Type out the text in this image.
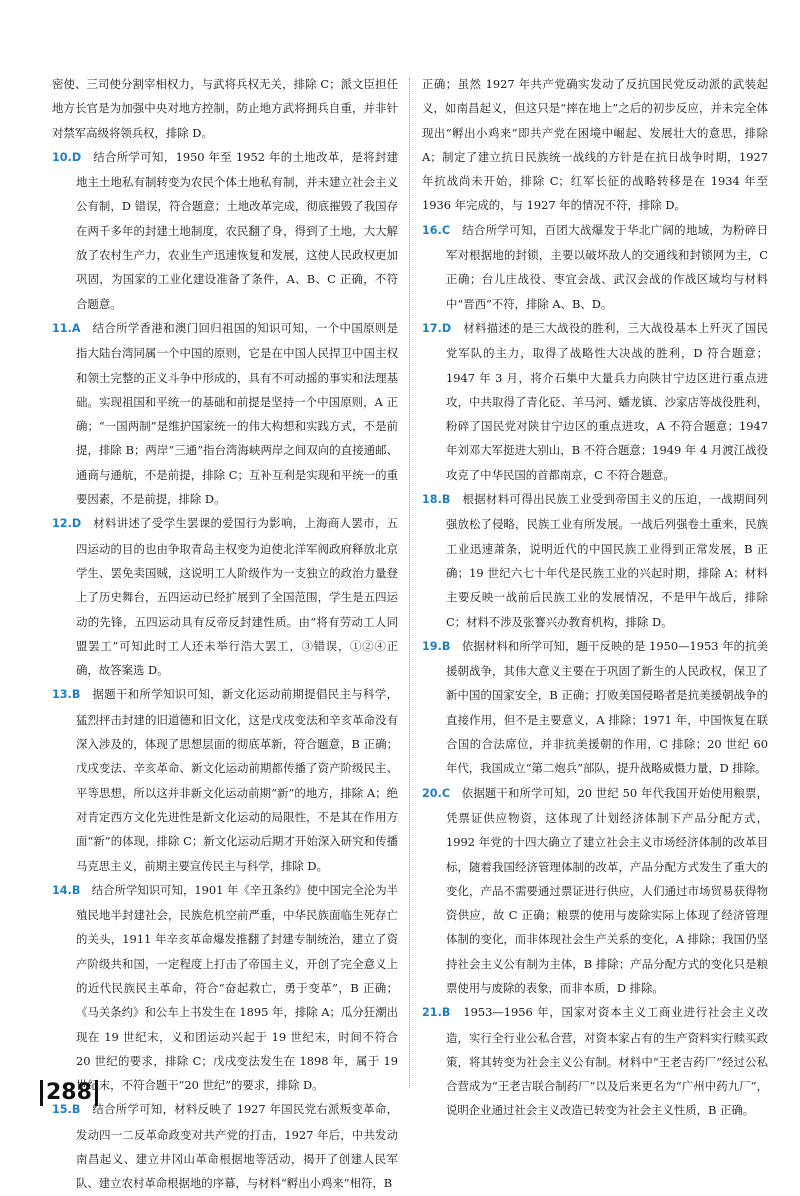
密使、三司使分割宰相权力，与武将兵权无关，排除 C；派文臣担任地方长官是为加强中央对地方控制，防止地方武将拥兵自重，并非针对禁军高级将领兵权，排除 D。

10.D　 结合所学可知，1950 年至 1952 年的土地改革，是将封建地主土地私有制转变为农民个体土地私有制，并未建立社会主义公有制，D 错误，符合题意；土地改革完成，彻底摧毁了我国存在两千多年的封建土地制度，农民翻了身，得到了土地，大大解放了农村生产力，农业生产迅速恢复和发展，这使人民政权更加巩固，为国家的工业化建设准备了条件，A、B、C 正确，不符合题意。

11.A　 结合所学香港和澳门回归祖国的知识可知，一个中国原则是指大陆台湾同属一个中国的原则，它是在中国人民捍卫中国主权和领土完整的正义斗争中形成的，具有不可动摇的事实和法理基础。实现祖国和平统一的基础和前提是坚持一个中国原则，A 正确；“一国两制”是维护国家统一的伟大构想和实践方式，不是前提，排除 B；两岸“三通”指台湾海峡两岸之间双向的直接通邮、通商与通航，不是前提，排除 C；互补互利是实现和平统一的重要因素，不是前提，排除 D。

12.D　 材料讲述了受学生罢课的爱国行为影响，上海商人罢市，五四运动的目的也由争取青岛主权变为迫使北洋军阀政府释放北京学生、罢免卖国贼，这说明工人阶级作为一支独立的政治力量登上了历史舞台，五四运动已经扩展到了全国范围，学生是五四运动的先锋，五四运动具有反帝反封建性质。由“将有劳动工人同盟罢工”可知此时工人还未举行浩大罢工，③错误，①②④正确，故答案选 D。

13.B　 据题干和所学知识可知，新文化运动前期提倡民主与科学，猛烈抨击封建的旧道德和旧文化，这是戊戌变法和辛亥革命没有深入涉及的，体现了思想层面的彻底革新，符合题意，B 正确；戊戌变法、辛亥革命、新文化运动前期都传播了资产阶级民主、平等思想，所以这并非新文化运动前期“新”的地方，排除 A；绝对肯定西方文化先进性是新文化运动的局限性，不是其在作用方面“新”的体现，排除 C；新文化运动后期才开始深入研究和传播马克思主义，前期主要宣传民主与科学，排除 D。

14.B　 结合所学知识可知，1901 年《辛丑条约》使中国完全沦为半殖民地半封建社会，民族危机空前严重，中华民族面临生死存亡的关头，1911 年辛亥革命爆发推翻了封建专制统治，建立了资产阶级共和国，一定程度上打击了帝国主义，开创了完全意义上的近代民族民主革命，符合“奋起救亡，勇于变革”，B 正确；《马关条约》和公车上书发生在 1895 年，排除 A；瓜分狂潮出现在 19 世纪末，义和团运动兴起于 19 世纪末，时间不符合 20 世纪的要求，排除 C；戊戌变法发生在 1898 年，属于 19 世纪末，不符合题干“20 世纪”的要求，排除 D。

15.B　 结合所学可知，材料反映了 1927 年国民党右派叛变革命，发动四一二反革命政变对共产党的打击，1927 年后，中共发动南昌起义、建立井冈山革命根据地等活动，揭开了创建人民军队、建立农村革命根据地的序幕，与材料“孵出小鸡来”相符，B

正确；虽然 1927 年共产党确实发动了反抗国民党反动派的武装起义，如南昌起义，但这只是“摔在地上”之后的初步反应，并未完全体现出“孵出小鸡来”即共产党在困境中崛起、发展壮大的意思，排除 A；制定了建立抗日民族统一战线的方针是在抗日战争时期，1927 年抗战尚未开始，排除 C；红军长征的战略转移是在 1934 年至 1936 年完成的，与 1927 年的情况不符，排除 D。

16.C　 结合所学可知，百团大战爆发于华北广阔的地域，为粉碎日军对根据地的封锁，主要以破坏敌人的交通线和封锁网为主，C 正确；台儿庄战役、枣宜会战、武汉会战的作战区域均与材料中“晋西”不符，排除 A、B、D。

17.D　 材料描述的是三大战役的胜利，三大战役基本上歼灭了国民党军队的主力，取得了战略性大决战的胜利，D 符合题意；1947 年 3 月，将介石集中大量兵力向陕甘宁边区进行重点进攻，中共取得了青化砭、羊马河、蟠龙镇、沙家店等战役胜利，粉碎了国民党对陕甘宁边区的重点进攻，A 不符合题意；1947 年刘邓大军挺进大别山，B 不符合题意；1949 年 4 月渡江战役攻克了中华民国的首都南京，C 不符合题意。

18.B　 根据材料可得出民族工业受到帝国主义的压迫，一战期间列强放松了侵略，民族工业有所发展。一战后列强卷土重来，民族工业迅速萧条，说明近代的中国民族工业得到正常发展，B 正确；19 世纪六七十年代是民族工业的兴起时期，排除 A；材料主要反映一战前后民族工业的发展情况，不是甲午战后，排除 C；材料不涉及张謇兴办教育机构，排除 D。

19.B　 依据材料和所学可知，题干反映的是 1950—1953 年的抗美援朝战争，其伟大意义主要在于巩固了新生的人民政权，保卫了新中国的国家安全，B 正确；打败美国侵略者是抗美援朝战争的直接作用，但不是主要意义，A 排除；1971 年，中国恢复在联合国的合法席位，并非抗美援朝的作用，C 排除；20 世纪 60 年代，我国成立“第二炮兵”部队，提升战略威慑力量，D 排除。

20.C　 依据题干和所学可知，20 世纪 50 年代我国开始使用粮票，凭票证供应物资，这体现了计划经济体制下产品分配方式，1992 年党的十四大确立了建立社会主义市场经济体制的改革目标，随着我国经济管理体制的改革，产品分配方式发生了重大的变化，产品不需要通过票证进行供应，人们通过市场贸易获得物资供应，故 C 正确；粮票的使用与废除实际上体现了经济管理体制的变化，而非体现社会生产关系的变化，A 排除；我国仍坚持社会主义公有制为主体，B 排除；产品分配方式的变化只是粮票使用与废除的表象，而非本质，D 排除。

21.B　 1953—1956 年，国家对资本主义工商业进行社会主义改造，实行全行业公私合营，对资本家占有的生产资料实行赎买政策，将其转变为社会主义公有制。材料中“王老吉药厂”经过公私合营成为“王老吉联合制药厂”以及后来更名为“广州中药九厂”，说明企业通过社会主义改造已转变为社会主义性质，B 正确。

288
